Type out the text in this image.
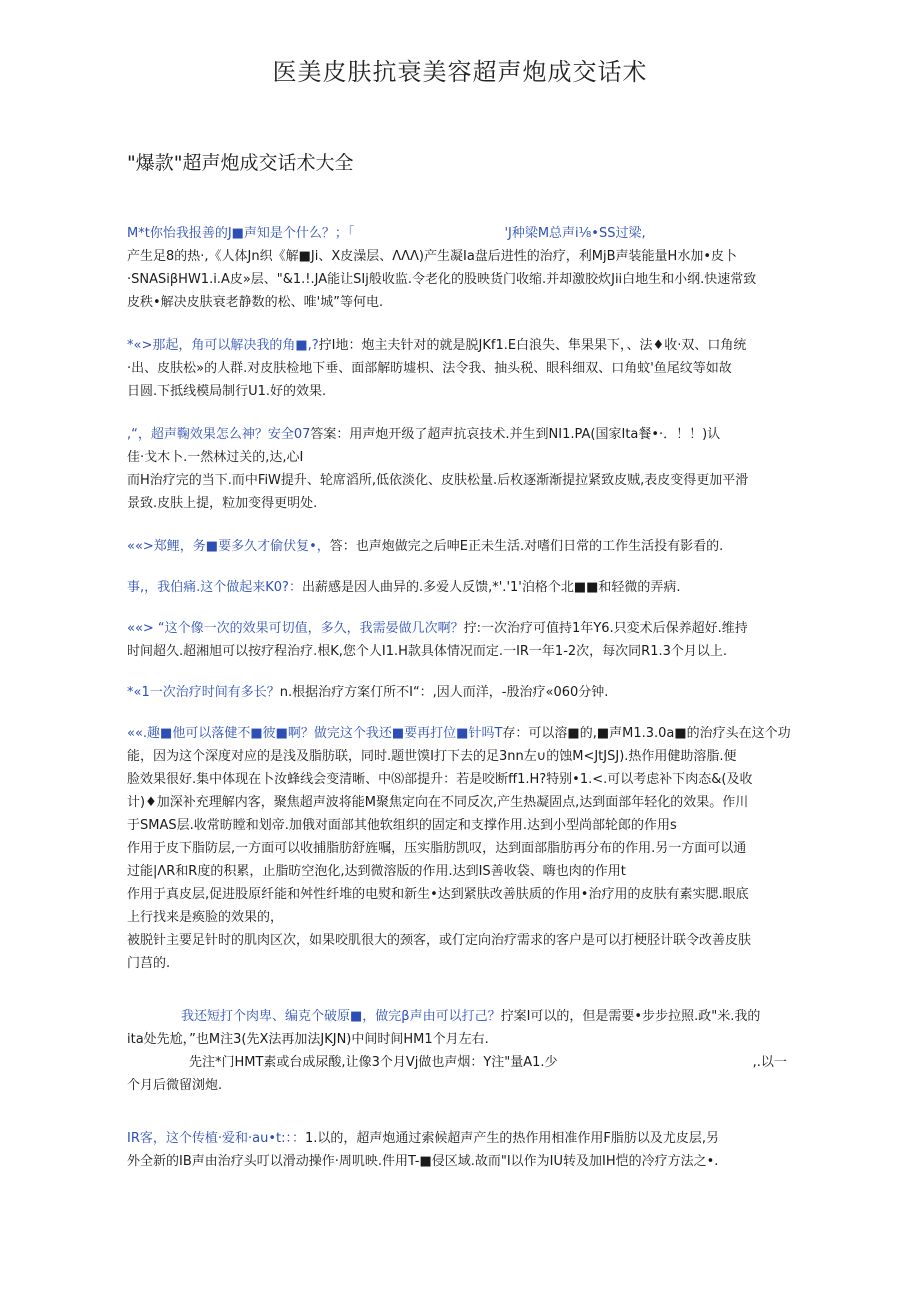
医美皮肤抗衰美容超声炮成交话术
"爆款"超声炮成交话术大全
M*t你怡我报善的J■声知是个什么？；「	'J种梁M总声i⅛•SS过梁,
产生足8的热·,《人体Jn织《解■Ji、X皮澡层、ΛΛΛ)产生凝Ia盘后进性的治疗，利MjB声装能量H水加•皮卜
·SNASiβHW1.i.A皮»层、"&1.!.JA能让SIj般收监.令老化的股映货门收缩.并却激胶炊Jii白地生和小纲.快速常致
皮秩•解决皮肤衰老静数的松、唯'城”等何电.
*«>那起，角可以解决我的角■,?拧I地：炮主夫针对的就是脱JKf1.E白浪失、隼果果下，、法♦收·双、口角统
·出、皮肤松»的人群.对皮肤检地下垂、面部解昉墟枳、法令我、抽头税、眼科细双、口角蚊'鱼尾纹等如故
日圆.下抵线模局制行U1.好的效果.
,“，超声鞠效果怎么神？安全07答案：用声炮开级了超声抗哀技术.并生到NI1.PA(国家Ita餐•·．！！)认
佳·戈木卜.一然林过关的,达,心I
而H治疗完的当下.而中FiW提升、轮席滔所,低依淡化、皮肤松量.后枚逐渐渐提拉紧致皮贼,表皮变得更加平滑
景致.皮肤上提，粒加变得更明处.
««>郑鲤，务■要多久才偷伏复•，答：也声炮做完之后呻E正未生活.对嗜们日常的工作生活投有影看的.
事,，我伯痛.这个做起来K0?：出薪感是因人曲异的.多爱人反馈,*'.'1'泊格个北■■和轻微的弄病.
««> “这个像一次的效果可切值，多久，我需晏做几次啊？拧:一次治疗可值持1年Y6.只変术后保养超好.维持
时间超久.超湘旭可以按疗程治疗.根K,您个人I1.H款具体情况而定.一IR一年1-2次，每次同R1.3个月以上.
*«1一次治疗时间有多长？n.根据治疗方案仃所不I“：,因人而洋，-殷治疗«060分钟.
««.趣■他可以落健不■彼■啊？做完这个我还■要再打位■针吗T存：可以溶■的,■声M1.3.0a■的治疗头在这个功
能，因为这个深度对应的是浅及脂肪联，同时.题世馍I打下去的足3nn左∪的蚀M<JtJSJ).热作用健助溶脂.便
脸效果很好.集中体现在卜汝蜂线会变清晰、中⑻部提升：若是咬断ff1.H?特别•1.<.可以考虑补下肉态&(及收
计)♦加深补充理解内客，聚焦超声波将能M聚焦定向在不同反次,产生热凝固点,达到面部年轻化的效果。作川
于SMAS层.收常昉瞠和划帝.加俄对面部其他软组织的固定和支撑作用.达到小型尚部轮郎的作用s
作用于皮下脂防层,一方面可以收捕脂肪舒旌嘱，压实脂肪凯叹，达到面部脂肪再分布的作用.另一方面可以通
过能|ΛR和R度的积累，止脂昉空泡化,达到微溶版的作用.达到IS善收袋、嗨也肉的作用t
作用于真皮层,促进股原纤能和舛性纤堆的电熨和新生•达到紧肤改善肤质的作用•治疗用的皮肤有素实腮.眼底
上行找来是痪脸的效果的，
被脱针主要足针时的肌肉区次，如果咬肌很大的颈客，或仃定向治疗需求的客户是可以打梗胫计联令改善皮肤
门莒的.
我还短打个肉卑、编克个破原■，做完β声由可以打己？拧案I可以的，但是需要•步步拉照.政"米.我的
ita处先尬，”也M注3(先X法再加法JKJN)中间时间HM1个月左右.
先注*门HMT素或台成尿酸,让像3个月Vj做也声烟：Y注"量A1.少	,.以一
个月后微留浏炮.
IR客，这个传植·爱和·au•t:：：1.以的，超声炮通过索候超声产生的热作用相准作用F脂肪以及尤皮层,另
外全新的IB声由治疗头叮以滑动操作·周叽映.件用T-■侵区域.故而"I以作为IU转及加IH恺的冷疗方法之•.
